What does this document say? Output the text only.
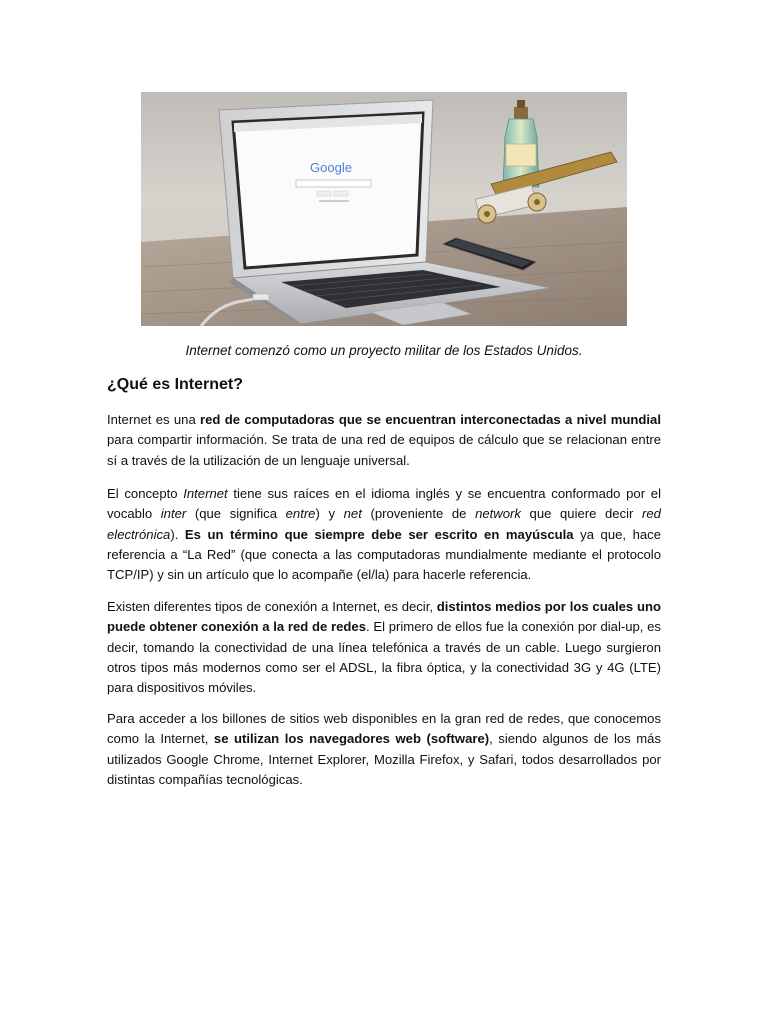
Google
Internet comenzó como un proyecto militar de los Estados Unidos.
¿Qué es Internet?

Internet es una red de computadoras que se encuentran interconectadas a nivel mundial para compartir información. Se trata de una red de equipos de cálculo que se relacionan entre sí a través de la utilización de un lenguaje universal.

El concepto Internet tiene sus raíces en el idioma inglés y se encuentra conformado por el vocablo inter (que significa entre) y net (proveniente de network que quiere decir red electrónica). Es un término que siempre debe ser escrito en mayúscula ya que, hace referencia a “La Red” (que conecta a las computadoras mundialmente mediante el protocolo TCP/IP) y sin un artículo que lo acompañe (el/la) para hacerle referencia.

Existen diferentes tipos de conexión a Internet, es decir, distintos medios por los cuales uno puede obtener conexión a la red de redes. El primero de ellos fue la conexión por dial-up, es decir, tomando la conectividad de una línea telefónica a través de un cable. Luego surgieron otros tipos más modernos como ser el ADSL, la fibra óptica, y la conectividad 3G y 4G (LTE) para dispositivos móviles.

Para acceder a los billones de sitios web disponibles en la gran red de redes, que conocemos como la Internet, se utilizan los navegadores web (software), siendo algunos de los más utilizados Google Chrome, Internet Explorer, Mozilla Firefox, y Safari, todos desarrollados por distintas compañías tecnológicas.
